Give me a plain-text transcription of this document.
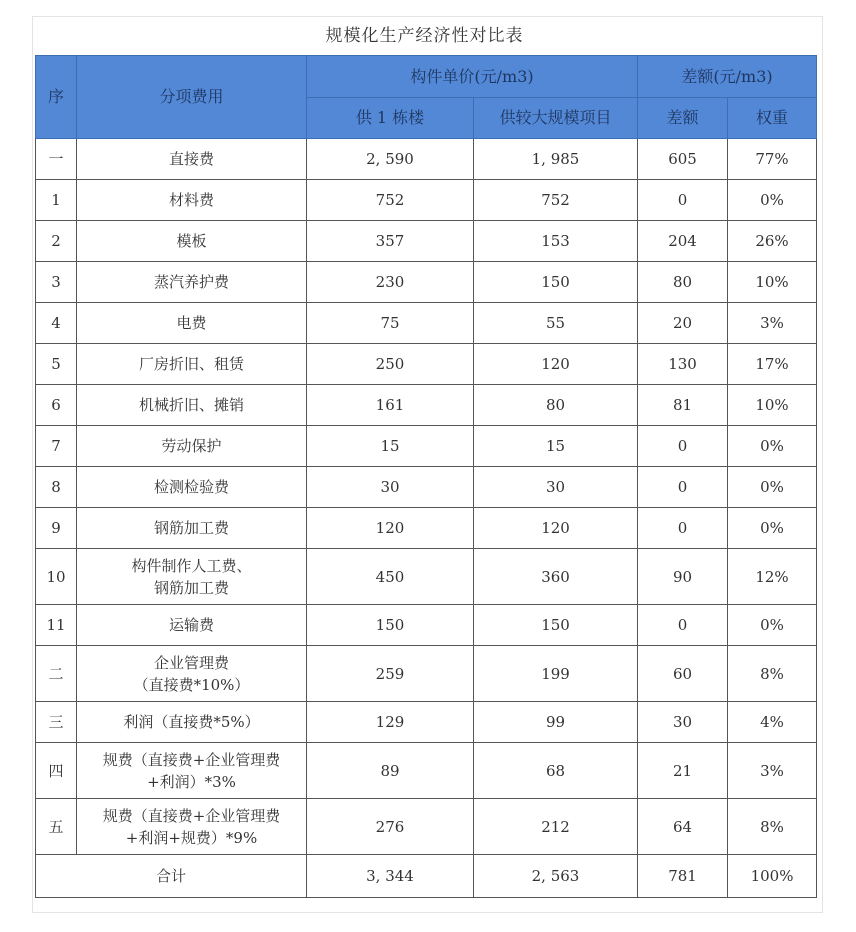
规模化生产经济性对比表
序	分项费用	构件单价(元/m3)		差额(元/m3)	
		供 1 栋楼	供较大规模项目	差额	权重
一	直接费	2, 590	1, 985	605	77%
1	材料费	752	752	0	0%
2	模板	357	153	204	26%
3	蒸汽养护费	230	150	80	10%
4	电费	75	55	20	3%
5	厂房折旧、租赁	250	120	130	17%
6	机械折旧、摊销	161	80	81	10%
7	劳动保护	15	15	0	0%
8	检测检验费	30	30	0	0%
9	钢筋加工费	120	120	0	0%
10	构件制作人工费、
钢筋加工费	450	360	90	12%
11	运输费	150	150	0	0%
二	企业管理费
（直接费*10%）	259	199	60	8%
三	利润（直接费*5%）	129	99	30	4%
四	规费（直接费+企业管理费
+利润）*3%	89	68	21	3%
五	规费（直接费+企业管理费
+利润+规费）*9%	276	212	64	8%
合计		3, 344	2, 563	781	100%
